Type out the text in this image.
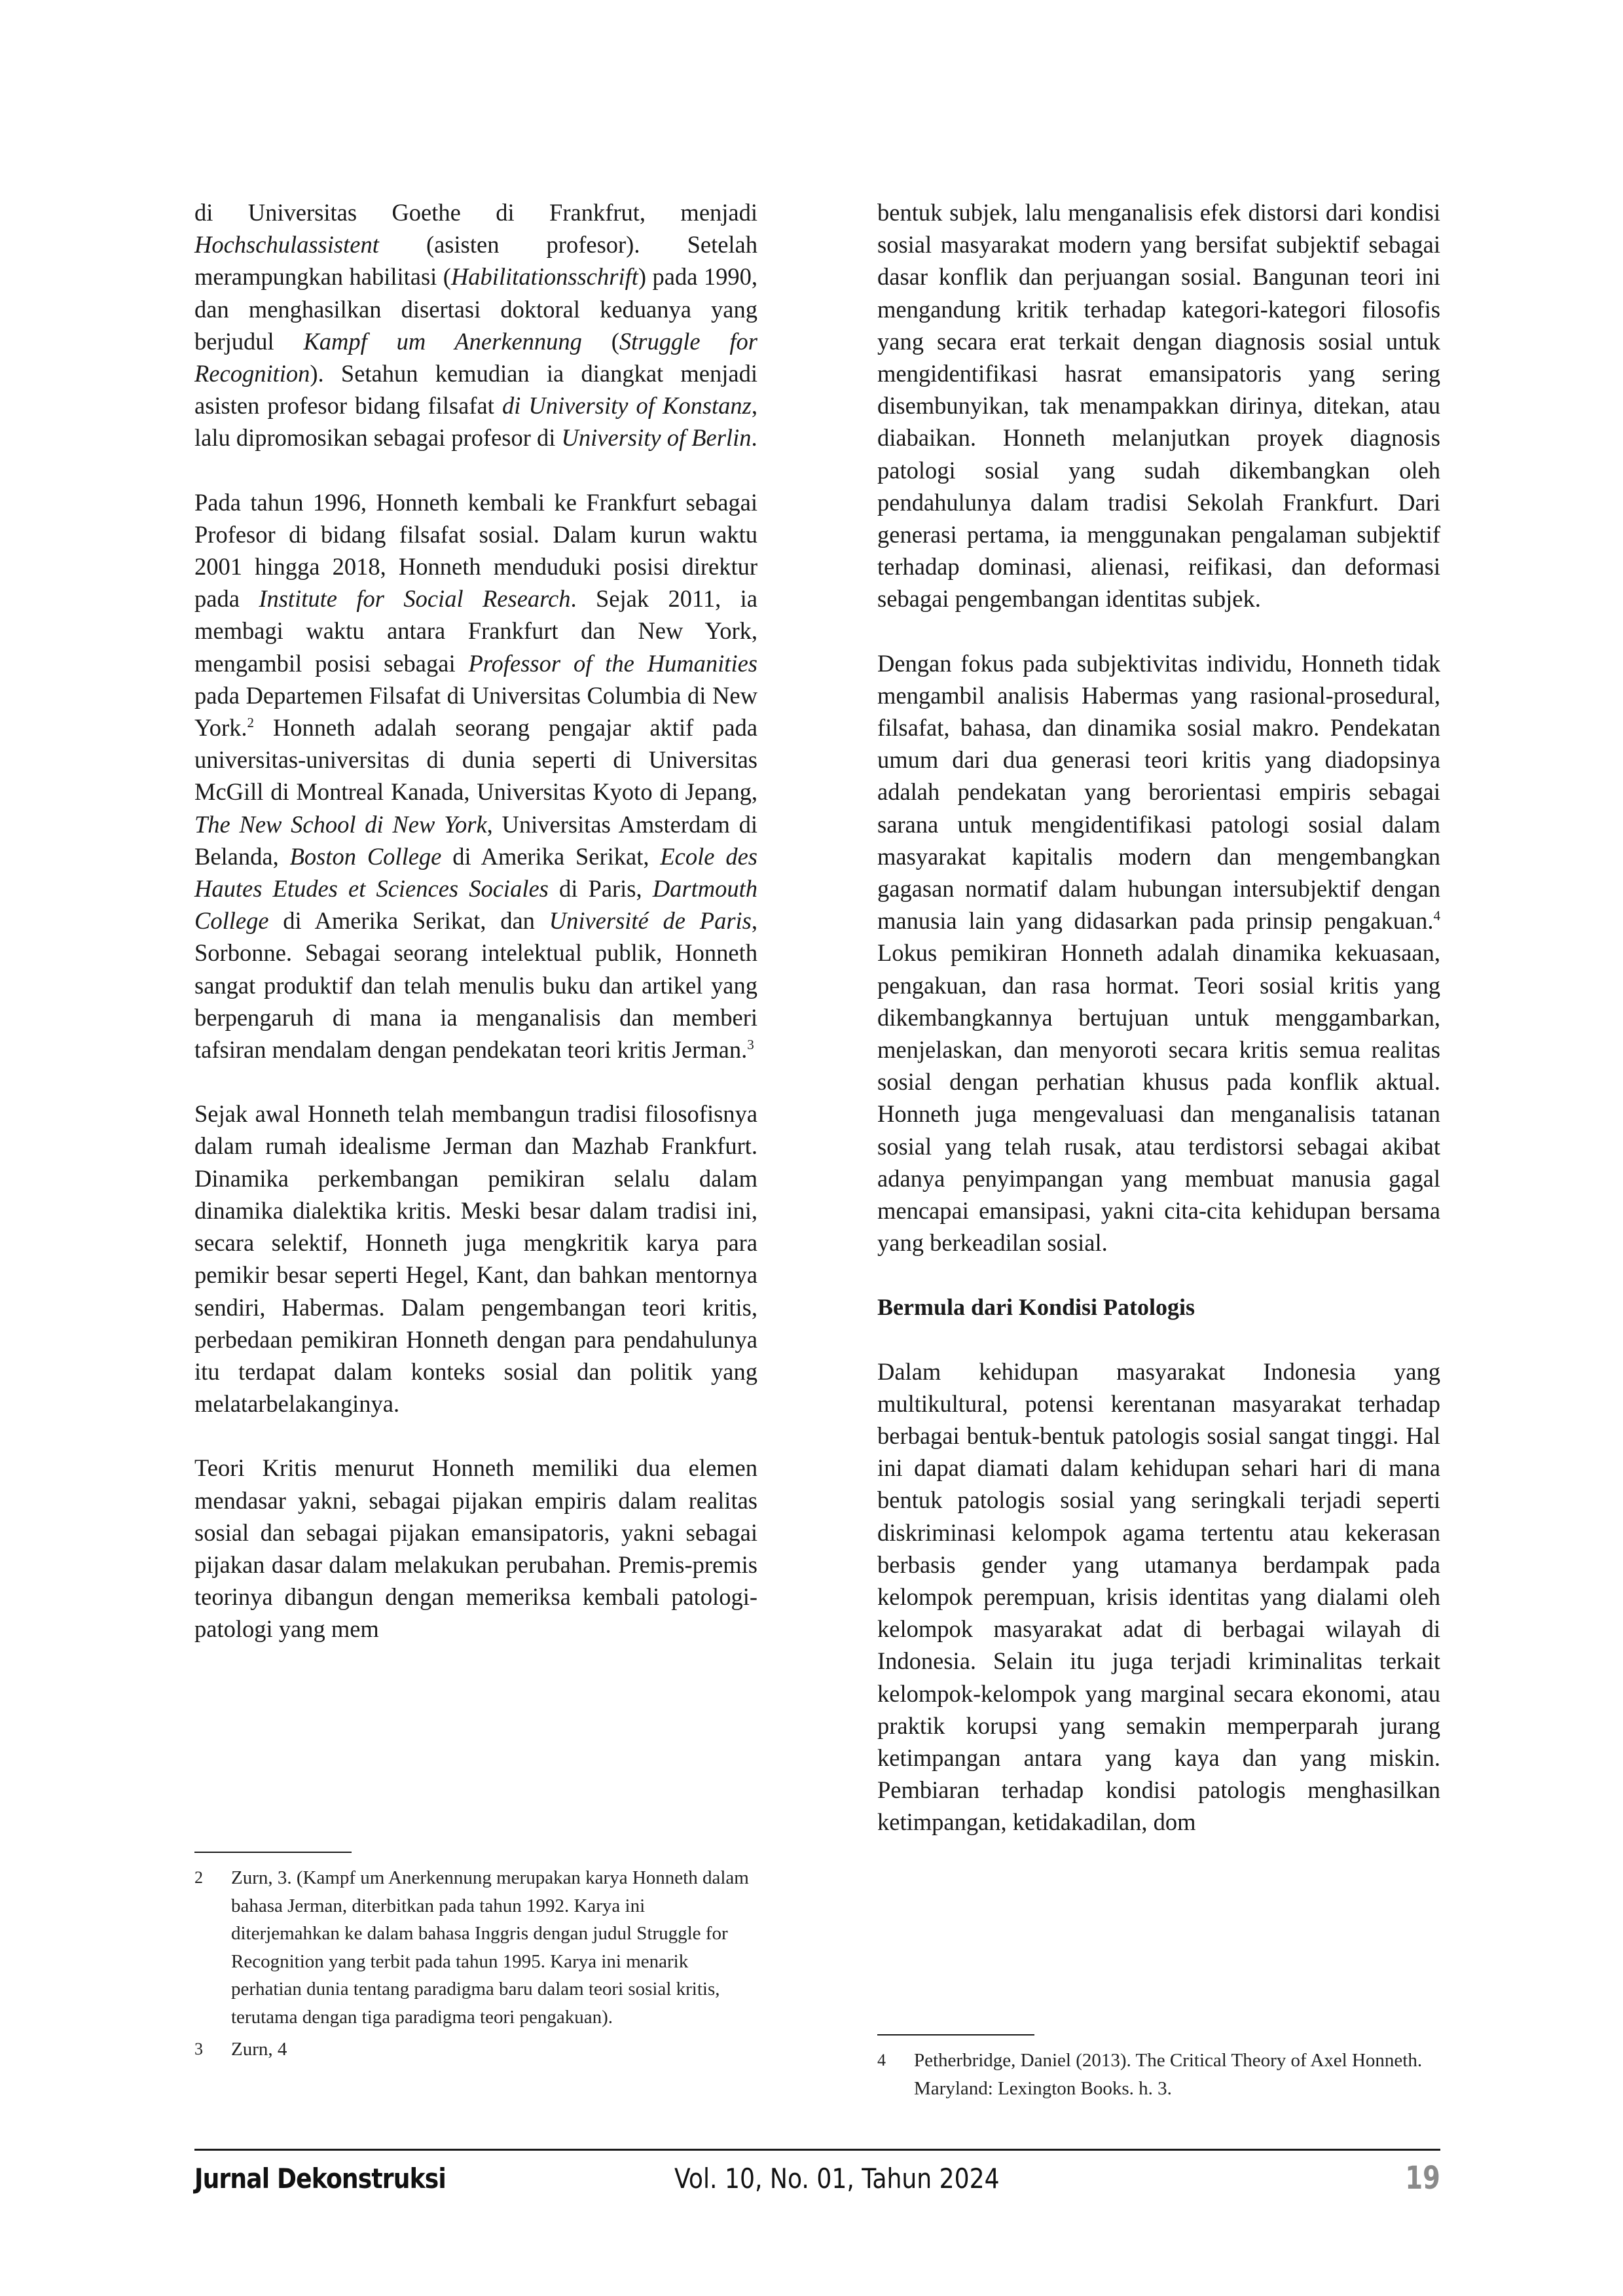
di Universitas Goethe di Frankfrut, menjadi Hochschulassistent (asisten profesor). Setelah merampungkan habilitasi (Habilitationsschrift) pada 1990, dan menghasilkan disertasi doktoral keduanya yang berjudul Kampf um Anerkennung (Struggle for Recognition). Setahun kemudian ia diangkat menjadi asisten profesor bidang filsafat di University of Konstanz, lalu dipromosikan sebagai profesor di University of Berlin.

Pada tahun 1996, Honneth kembali ke Frankfurt sebagai Profesor di bidang filsafat sosial. Dalam kurun waktu 2001 hingga 2018, Honneth menduduki posisi direktur pada Institute for Social Research. Sejak 2011, ia membagi waktu antara Frankfurt dan New York, mengambil posisi sebagai Professor of the Humanities pada Departemen Filsafat di Universitas Columbia di New York.$^2$ Honneth adalah seorang pengajar aktif pada universitas-universitas di dunia seperti di Universitas McGill di Montreal Kanada, Universitas Kyoto di Jepang, The New School di New York, Universitas Amsterdam di Belanda, Boston College di Amerika Serikat, Ecole des Hautes Etudes et Sciences Sociales di Paris, Dartmouth College di Amerika Serikat, dan Université de Paris, Sorbonne. Sebagai seorang intelektual publik, Honneth sangat produktif dan telah menulis buku dan artikel yang berpengaruh di mana ia menganalisis dan memberi tafsiran mendalam dengan pendekatan teori kritis Jerman.$^3$

Sejak awal Honneth telah membangun tradisi filosofisnya dalam rumah idealisme Jerman dan Mazhab Frankfurt. Dinamika perkembangan pemikiran selalu dalam dinamika dialektika kritis. Meski besar dalam tradisi ini, secara selektif, Honneth juga mengkritik karya para pemikir besar seperti Hegel, Kant, dan bahkan mentornya sendiri, Habermas. Dalam pengembangan teori kritis, perbedaan pemikiran Honneth dengan para pendahulunya itu terdapat dalam konteks sosial dan politik yang melatarbelakanginya.

Teori Kritis menurut Honneth memiliki dua elemen mendasar yakni, sebagai pijakan empiris dalam realitas sosial dan sebagai pijakan emansipatoris, yakni sebagai pijakan dasar dalam melakukan perubahan. Premis-premis teorinya dibangun dengan memeriksa kembali patologi-patologi yang mem

bentuk subjek, lalu menganalisis efek distorsi dari kondisi sosial masyarakat modern yang bersifat subjektif sebagai dasar konflik dan perjuangan sosial. Bangunan teori ini mengandung kritik terhadap kategori-kategori filosofis yang secara erat terkait dengan diagnosis sosial untuk mengidentifikasi hasrat emansipatoris yang sering disembunyikan, tak menampakkan dirinya, ditekan, atau diabaikan. Honneth melanjutkan proyek diagnosis patologi sosial yang sudah dikembangkan oleh pendahulunya dalam tradisi Sekolah Frankfurt. Dari generasi pertama, ia menggunakan pengalaman subjektif terhadap dominasi, alienasi, reifikasi, dan deformasi sebagai pengembangan identitas subjek.

Dengan fokus pada subjektivitas individu, Honneth tidak mengambil analisis Habermas yang rasional-prosedural, filsafat, bahasa, dan dinamika sosial makro. Pendekatan umum dari dua generasi teori kritis yang diadopsinya adalah pendekatan yang berorientasi empiris sebagai sarana untuk mengidentifikasi patologi sosial dalam masyarakat kapitalis modern dan mengembangkan gagasan normatif dalam hubungan intersubjektif dengan manusia lain yang didasarkan pada prinsip pengakuan.$^4$ Lokus pemikiran Honneth adalah dinamika kekuasaan, pengakuan, dan rasa hormat. Teori sosial kritis yang dikembangkannya bertujuan untuk menggambarkan, menjelaskan, dan menyoroti secara kritis semua realitas sosial dengan perhatian khusus pada konflik aktual. Honneth juga mengevaluasi dan menganalisis tatanan sosial yang telah rusak, atau terdistorsi sebagai akibat adanya penyimpangan yang membuat manusia gagal mencapai emansipasi, yakni cita-cita kehidupan bersama yang berkeadilan sosial.

Bermula dari Kondisi Patologis

Dalam kehidupan masyarakat Indonesia yang multikultural, potensi kerentanan masyarakat terhadap berbagai bentuk-bentuk patologis sosial sangat tinggi. Hal ini dapat diamati dalam kehidupan sehari hari di mana bentuk patologis sosial yang seringkali terjadi seperti diskriminasi kelompok agama tertentu atau kekerasan berbasis gender yang utamanya berdampak pada kelompok perempuan, krisis identitas yang dialami oleh kelompok masyarakat adat di berbagai wilayah di Indonesia. Selain itu juga terjadi kriminalitas terkait kelompok-kelompok yang marginal secara ekonomi, atau praktik korupsi yang semakin memperparah jurang ketimpangan antara yang kaya dan yang miskin. Pembiaran terhadap kondisi patologis menghasilkan ketimpangan, ketidakadilan, dom

2	Zurn, 3. (Kampf um Anerkennung merupakan karya Honneth dalam bahasa Jerman, diterbitkan pada tahun 1992. Karya ini diterjemahkan ke dalam bahasa Inggris dengan judul Struggle for Recognition yang terbit pada tahun 1995. Karya ini menarik perhatian dunia tentang paradigma baru dalam teori sosial kritis, terutama dengan tiga paradigma teori pengakuan).
3	Zurn, 4
4	Petherbridge, Daniel (2013). The Critical Theory of Axel Honneth. Maryland: Lexington Books. h. 3.
Jurnal Dekonstruksi	Vol. 10, No. 01, Tahun 2024	19
